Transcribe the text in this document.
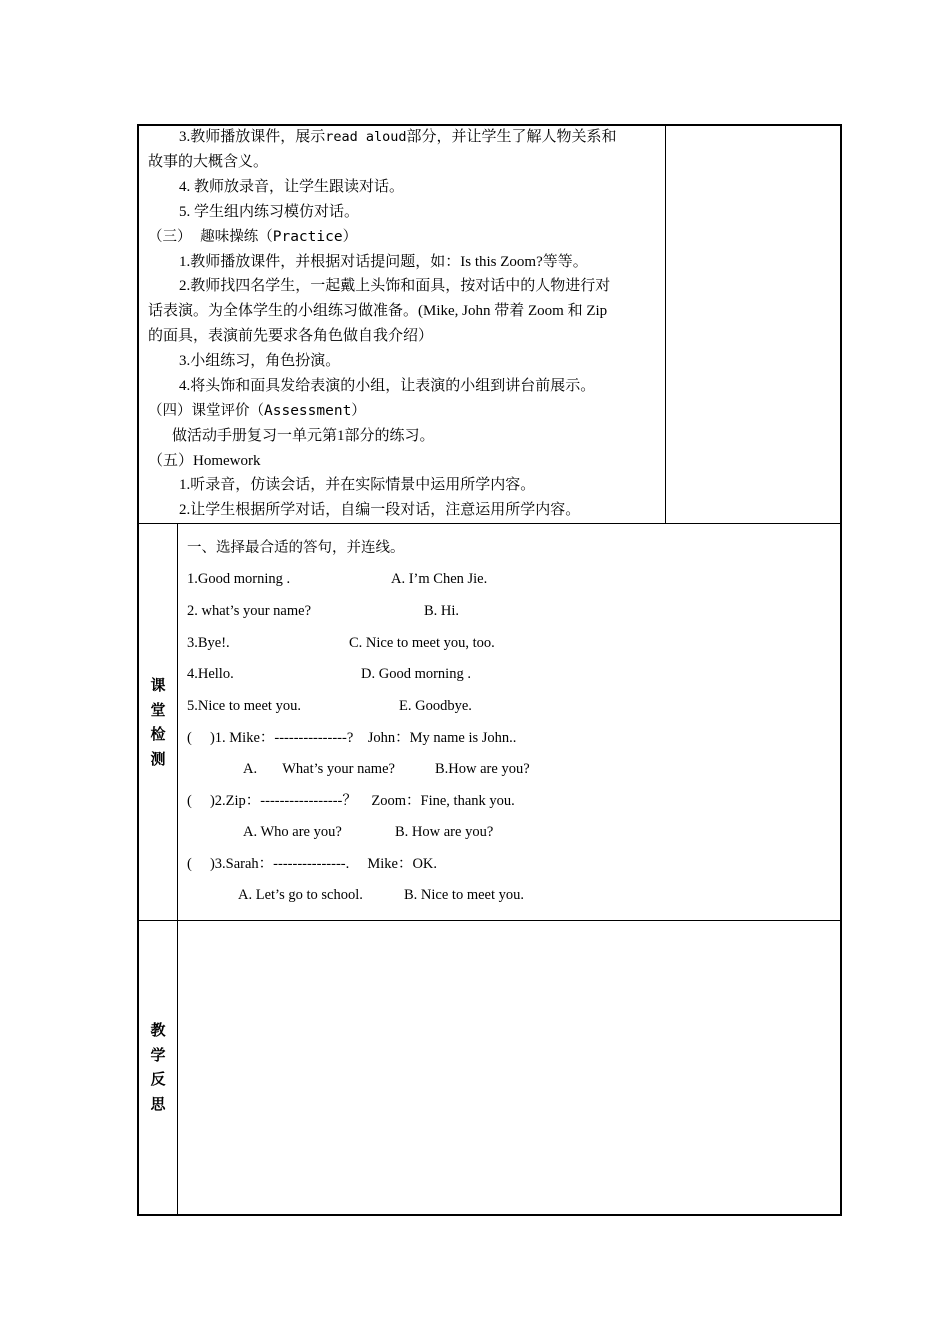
3.教师播放课件，展示read aloud部分，并让学生了解人物关系和
故事的大概含义。
4. 教师放录音，让学生跟读对话。
5. 学生组内练习模仿对话。
（三） 趣味操练（Practice）
1.教师播放课件，并根据对话提问题，如：Is this Zoom?等等。
2.教师找四名学生，一起戴上头饰和面具，按对话中的人物进行对
话表演。为全体学生的小组练习做准备。(Mike, John 带着 Zoom 和 Zip
的面具，表演前先要求各角色做自我介绍）
3.小组练习，角色扮演。
4.将头饰和面具发给表演的小组，让表演的小组到讲台前展示。
（四）课堂评价（Assessment）
做活动手册复习一单元第1部分的练习。
（五）Homework
1.听录音，仿读会话，并在实际情景中运用所学内容。
2.让学生根据所学对话，自编一段对话，注意运用所学内容。
课
堂
检
测
一、选择最合适的答句，并连线。
1.Good morning .	A. I’m Chen Jie.
2. what’s your name?	B. Hi.
3.Bye!.	C. Nice to meet you, too.
4.Hello.	D. Good morning .
5.Nice to meet you.	E. Goodbye.
(     )1. Mike：---------------?    John：My name is John..
A.       What’s your name?	B.How are you?
(     )2.Zip：-----------------？    Zoom：Fine, thank you.
A. Who are you?	B. How are you?
(     )3.Sarah：---------------.     Mike：OK.
A. Let’s go to school.	B. Nice to meet you.
教
学
反
思
